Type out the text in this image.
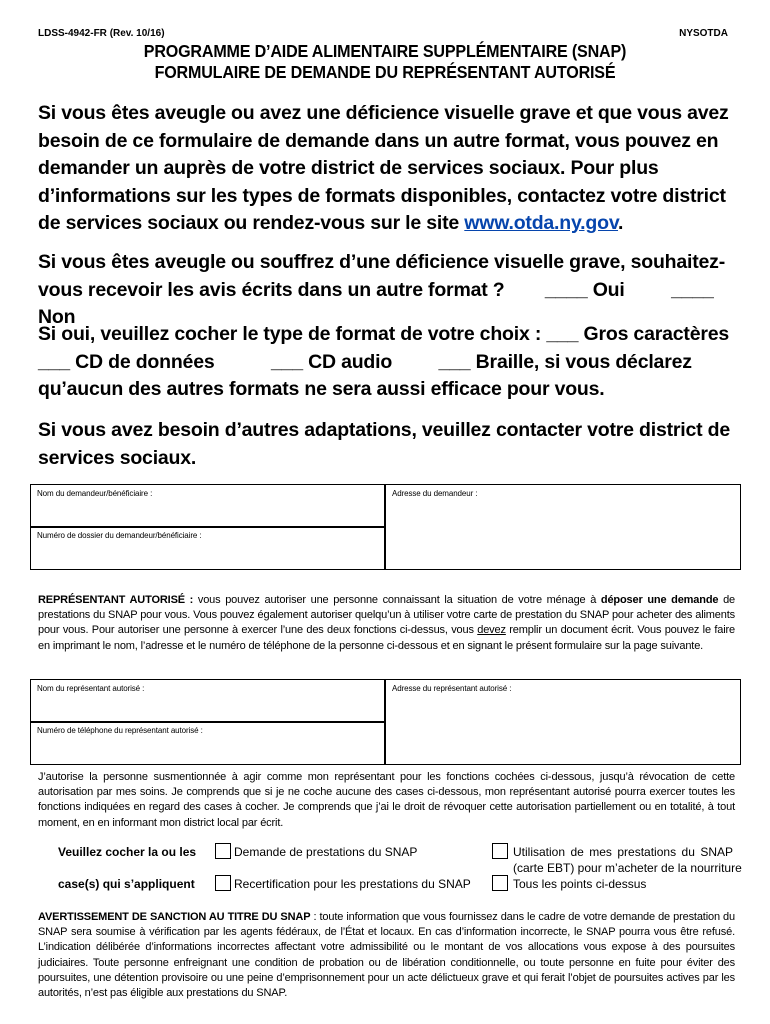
LDSS-4942-FR (Rev. 10/16)	NYSOTDA
PROGRAMME D’AIDE ALIMENTAIRE SUPPLÉMENTAIRE (SNAP)
FORMULAIRE DE DEMANDE DU REPRÉSENTANT AUTORISÉ
Si vous êtes aveugle ou avez une déficience visuelle grave et que vous avez besoin de ce formulaire de demande dans un autre format, vous pouvez en demander un auprès de votre district de services sociaux. Pour plus d’informations sur les types de formats disponibles, contactez votre district de services sociaux ou rendez-vous sur le site www.otda.ny.gov.
Si vous êtes aveugle ou souffrez d’une déficience visuelle grave, souhaitez-vous recevoir les avis écrits dans un autre format ? ____ Oui ____ Non
Si oui, veuillez cocher le type de format de votre choix : ___ Gros caractères
___ CD de données	___ CD audio ___ Braille, si vous déclarez qu’aucun des autres formats ne sera aussi efficace pour vous.
Si vous avez besoin d’autres adaptations, veuillez contacter votre district de services sociaux.
Nom du demandeur/bénéficiaire :
Numéro de dossier du demandeur/bénéficiaire :
Adresse du demandeur :
REPRÉSENTANT AUTORISÉ : vous pouvez autoriser une personne connaissant la situation de votre ménage à déposer une demande de prestations du SNAP pour vous. Vous pouvez également autoriser quelqu’un à utiliser votre carte de prestation du SNAP pour acheter des aliments pour vous. Pour autoriser une personne à exercer l’une des deux fonctions ci-dessus, vous devez remplir un document écrit. Vous pouvez le faire en imprimant le nom, l’adresse et le numéro de téléphone de la personne ci-dessous et en signant le présent formulaire sur la page suivante.
Nom du représentant autorisé :
Numéro de téléphone du représentant autorisé :
Adresse du représentant autorisé :
J’autorise la personne susmentionnée à agir comme mon représentant pour les fonctions cochées ci-dessous, jusqu’à révocation de cette autorisation par mes soins. Je comprends que si je ne coche aucune des cases ci-dessous, mon représentant autorisé pourra exercer toutes les fonctions indiquées en regard des cases à cocher. Je comprends que j’ai le droit de révoquer cette autorisation partiellement ou en totalité, à tout moment, en en informant mon district local par écrit.
Veuillez cocher la ou les
case(s) qui s’appliquent
Demande de prestations du SNAP
Recertification pour les prestations du SNAP
Utilisation de mes prestations du SNAP
(carte EBT) pour m’acheter de la nourriture
Tous les points ci-dessus
AVERTISSEMENT DE SANCTION AU TITRE DU SNAP : toute information que vous fournissez dans le cadre de votre demande de prestation du SNAP sera soumise à vérification par les agents fédéraux, de l’État et locaux. En cas d’information incorrecte, le SNAP pourra vous être refusé. L’indication délibérée d’informations incorrectes affectant votre admissibilité ou le montant de vos allocations vous expose à des poursuites judiciaires. Toute personne enfreignant une condition de probation ou de libération conditionnelle, ou toute personne en fuite pour éviter des poursuites, une détention provisoire ou une peine d’emprisonnement pour un acte délictueux grave et qui ferait l’objet de poursuites actives par les autorités, n’est pas éligible aux prestations du SNAP.
